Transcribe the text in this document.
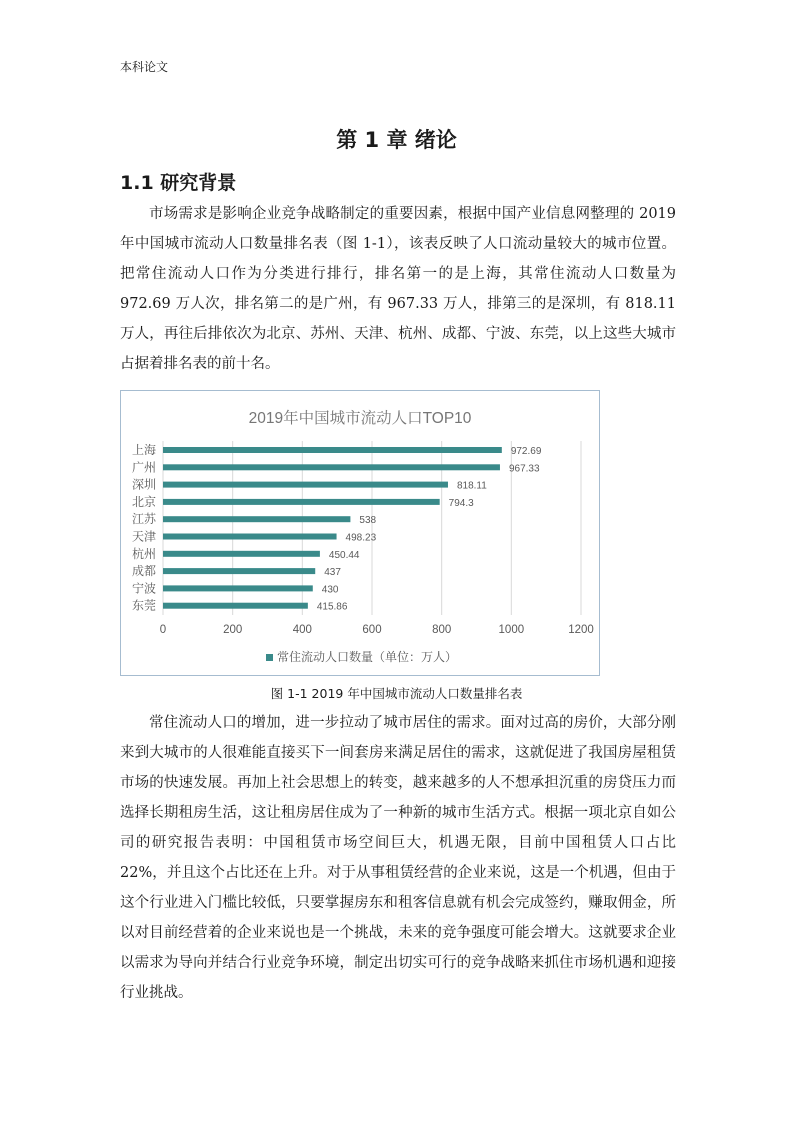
本科论文
第 1 章 绪论
1.1 研究背景

市场需求是影响企业竞争战略制定的重要因素，根据中国产业信息网整理的 2019 年中国城市流动人口数量排名表（图 1-1），该表反映了人口流动量较大的城市位置。把常住流动人口作为分类进行排行，排名第一的是上海，其常住流动人口数量为 972.69 万人次，排名第二的是广州，有 967.33 万人，排第三的是深圳，有 818.11 万人，再往后排依次为北京、苏州、天津、杭州、成都、宁波、东莞，以上这些大城市占据着排名表的前十名。

2019年中国城市流动人口TOP10
0	200	400	600	800	1000	1200
上海	972.69
广州	967.33
深圳	818.11
北京	794.3
江苏	538
天津	498.23
杭州	450.44
成都	437
宁波	430
东莞	415.86
常住流动人口数量（单位：万人）
图 1-1 2019 年中国城市流动人口数量排名表

常住流动人口的增加，进一步拉动了城市居住的需求。面对过高的房价，大部分刚来到大城市的人很难能直接买下一间套房来满足居住的需求，这就促进了我国房屋租赁市场的快速发展。再加上社会思想上的转变，越来越多的人不想承担沉重的房贷压力而选择长期租房生活，这让租房居住成为了一种新的城市生活方式。根据一项北京自如公司的研究报告表明：中国租赁市场空间巨大，机遇无限，目前中国租赁人口占比 22%，并且这个占比还在上升。对于从事租赁经营的企业来说，这是一个机遇，但由于这个行业进入门槛比较低，只要掌握房东和租客信息就有机会完成签约，赚取佣金，所以对目前经营着的企业来说也是一个挑战，未来的竞争强度可能会增大。这就要求企业以需求为导向并结合行业竞争环境，制定出切实可行的竞争战略来抓住市场机遇和迎接行业挑战。
